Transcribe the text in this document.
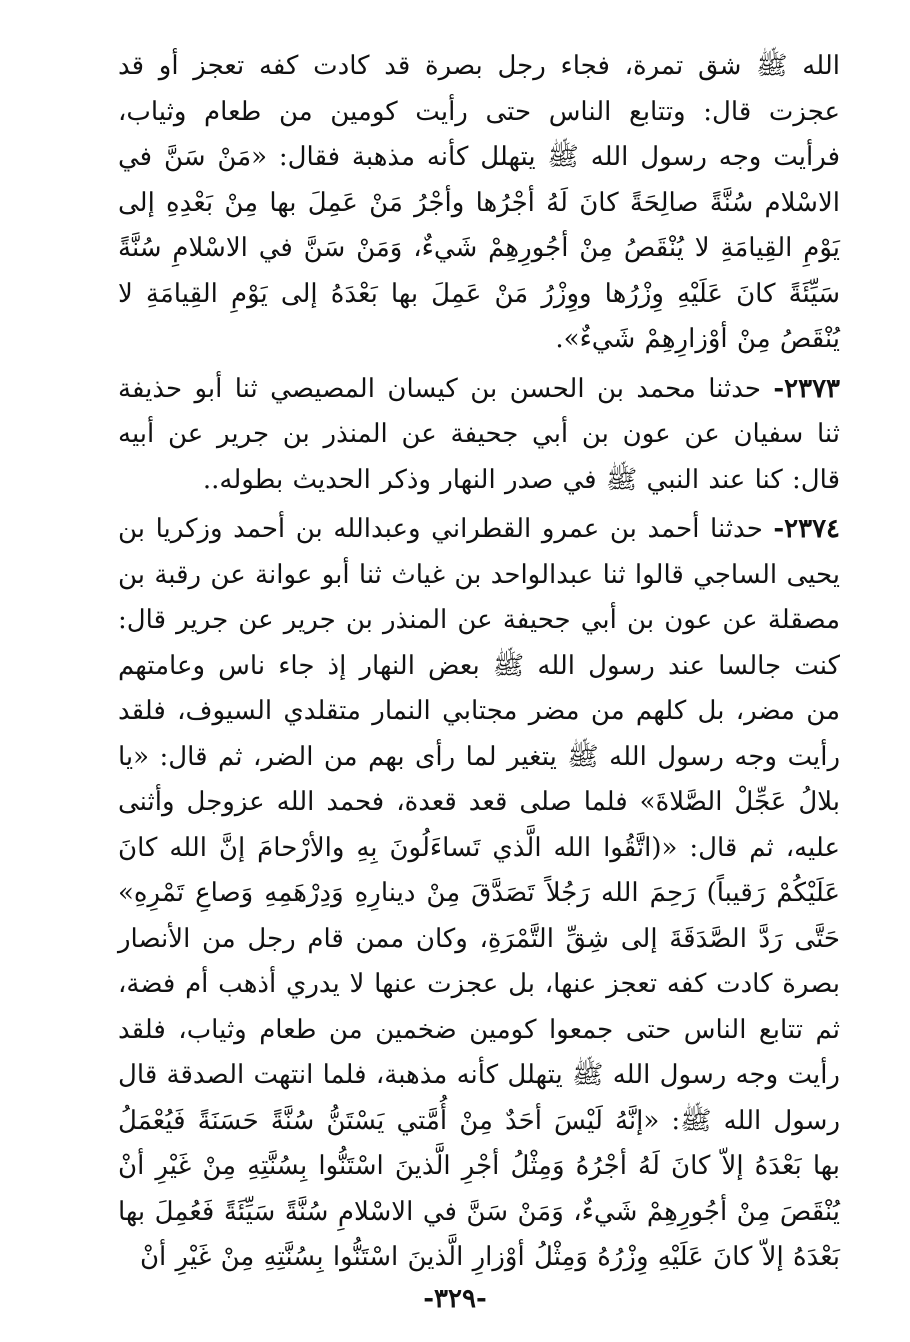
الله ﷺ شق تمرة، فجاء رجل بصرة قد كادت كفه تعجز أو قد عجزت قال: وتتابع الناس حتى رأيت كومين من طعام وثياب، فرأيت وجه رسول الله ﷺ يتهلل كأنه مذهبة فقال: «مَنْ سَنَّ في الاسْلام سُنَّةً صالِحَةً كانَ لَهُ أجْرُها وأجْرُ مَنْ عَمِلَ بها مِنْ بَعْدِهِ إلى يَوْمِ القِيامَةِ لا يُنْقَصُ مِنْ أجُورِهِمْ شَيءٌ، وَمَنْ سَنَّ في الاسْلامِ سُنَّةً سَيِّئَةً كانَ عَلَيْهِ وِزْرُها ووِزْرُ مَنْ عَمِلَ بها بَعْدَهُ إلى يَوْمِ القِيامَةِ لا يُنْقَصُ مِنْ أوْزارِهِمْ شَيءٌ».

٢٣٧٣- حدثنا محمد بن الحسن بن كيسان المصيصي ثنا أبو حذيفة ثنا سفيان عن عون بن أبي جحيفة عن المنذر بن جرير عن أبيه قال: كنا عند النبي ﷺ في صدر النهار وذكر الحديث بطوله..

٢٣٧٤- حدثنا أحمد بن عمرو القطراني وعبدالله بن أحمد وزكريا بن يحيى الساجي قالوا ثنا عبدالواحد بن غياث ثنا أبو عوانة عن رقبة بن مصقلة عن عون بن أبي جحيفة عن المنذر بن جرير عن جرير قال: كنت جالسا عند رسول الله ﷺ بعض النهار إذ جاء ناس وعامتهم من مضر، بل كلهم من مضر مجتابي النمار متقلدي السيوف، فلقد رأيت وجه رسول الله ﷺ يتغير لما رأى بهم من الضر، ثم قال: «يا بلالُ عَجِّلْ الصَّلاةَ» فلما صلى قعد قعدة، فحمد الله عزوجل وأثنى عليه، ثم قال: «(اتَّقُوا الله الَّذي تَساءَلُونَ بِهِ والأرْحامَ إنَّ الله كانَ عَلَيْكُمْ رَقيباً) رَحِمَ الله رَجُلاً تَصَدَّقَ مِنْ دينارِهِ وَدِرْهَمِهِ وَصاعِ تَمْرِهِ» حَتَّى رَدَّ الصَّدَقَةَ إلى شِقِّ التَّمْرَةِ، وكان ممن قام رجل من الأنصار بصرة كادت كفه تعجز عنها، بل عجزت عنها لا يدري أذهب أم فضة، ثم تتابع الناس حتى جمعوا كومين ضخمين من طعام وثياب، فلقد رأيت وجه رسول الله ﷺ يتهلل كأنه مذهبة، فلما انتهت الصدقة قال رسول الله ﷺ: «إنَّهُ لَيْسَ أحَدٌ مِنْ أُمَّتي يَسْتَنُّ سُنَّةً حَسَنَةً فَيُعْمَلُ بها بَعْدَهُ إلاّ كانَ لَهُ أجْرُهُ وَمِثْلُ أجْرِ الَّذينَ اسْتَنُّوا بِسُنَّتِهِ مِنْ غَيْرِ أنْ يُنْقَصَ مِنْ أجُورِهِمْ شَيءٌ، وَمَنْ سَنَّ في الاسْلامِ سُنَّةً سَيِّئَةً فَعُمِلَ بها بَعْدَهُ إلاّ كانَ عَلَيْهِ وِزْرُهُ وَمِثْلُ أوْزارِ الَّذينَ اسْتَنُّوا بِسُنَّتِهِ مِنْ غَيْرِ أنْ

-٣٢٩-
